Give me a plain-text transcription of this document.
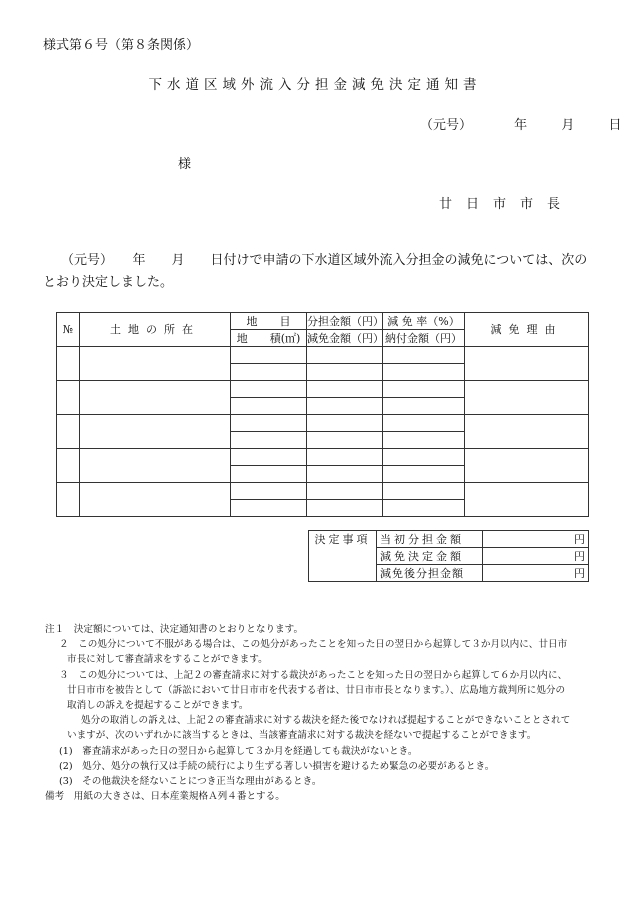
様式第６号（第８条関係）
下水道区域外流入分担金減免決定通知書
（元号）	年	月	日
様
廿日市市長
（元号）　　年　　月　　日付けで申請の下水道区域外流入分担金の減免については、次のとおり決定しました。
№	土地の所在	地　　目	分担金額（円）	減 免 率（%）	減免理由
		地　　積(㎡)	減免金額（円）	納付金額（円）	

決定事項	当初分担金額	円
	減免決定金額	円
	減免後分担金額	円
注１　決定額については、決定通知書のとおりとなります。
２　この処分について不服がある場合は、この処分があったことを知った日の翌日から起算して３か月以内に、廿日市
市長に対して審査請求をすることができます。
３　この処分については、上記２の審査請求に対する裁決があったことを知った日の翌日から起算して６か月以内に、
廿日市市を被告として（訴訟において廿日市市を代表する者は、廿日市市長となります。）、広島地方裁判所に処分の
取消しの訴えを提起することができます。
処分の取消しの訴えは、上記２の審査請求に対する裁決を経た後でなければ提起することができないこととされて
いますが、次のいずれかに該当するときは、当該審査請求に対する裁決を経ないで提起することができます。
(1)　審査請求があった日の翌日から起算して３か月を経過しても裁決がないとき。
(2)　処分、処分の執行又は手続の続行により生ずる著しい損害を避けるため緊急の必要があるとき。
(3)　その他裁決を経ないことにつき正当な理由があるとき。
備考　用紙の大きさは、日本産業規格Ａ列４番とする。
